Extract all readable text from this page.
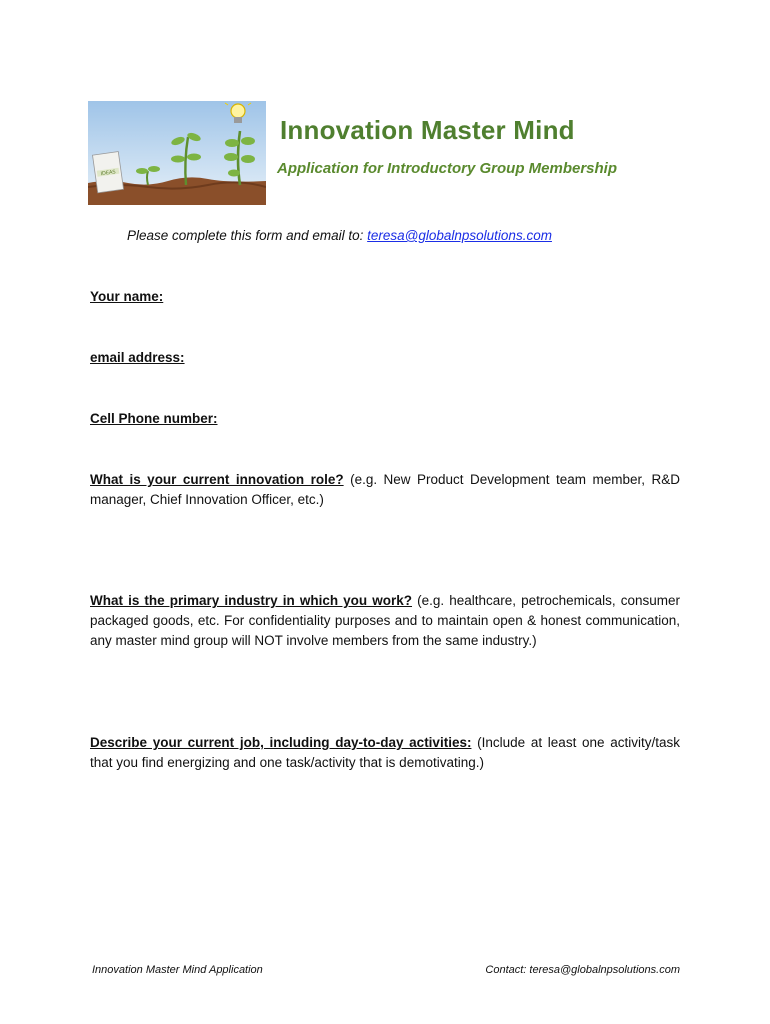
IDEAS
Innovation Master Mind
Application for Introductory Group Membership
Please complete this form and email to: teresa@globalnpsolutions.com
Your name:
email address:
Cell Phone number:
What is your current innovation role? (e.g. New Product Development team member, R&D manager, Chief Innovation Officer, etc.)
What is the primary industry in which you work? (e.g. healthcare, petrochemicals, consumer packaged goods, etc. For confidentiality purposes and to maintain open & honest communication, any master mind group will NOT involve members from the same industry.)
Describe your current job, including day-to-day activities: (Include at least one activity/task that you find energizing and one task/activity that is demotivating.)
Innovation Master Mind Application	Contact: teresa@globalnpsolutions.com
